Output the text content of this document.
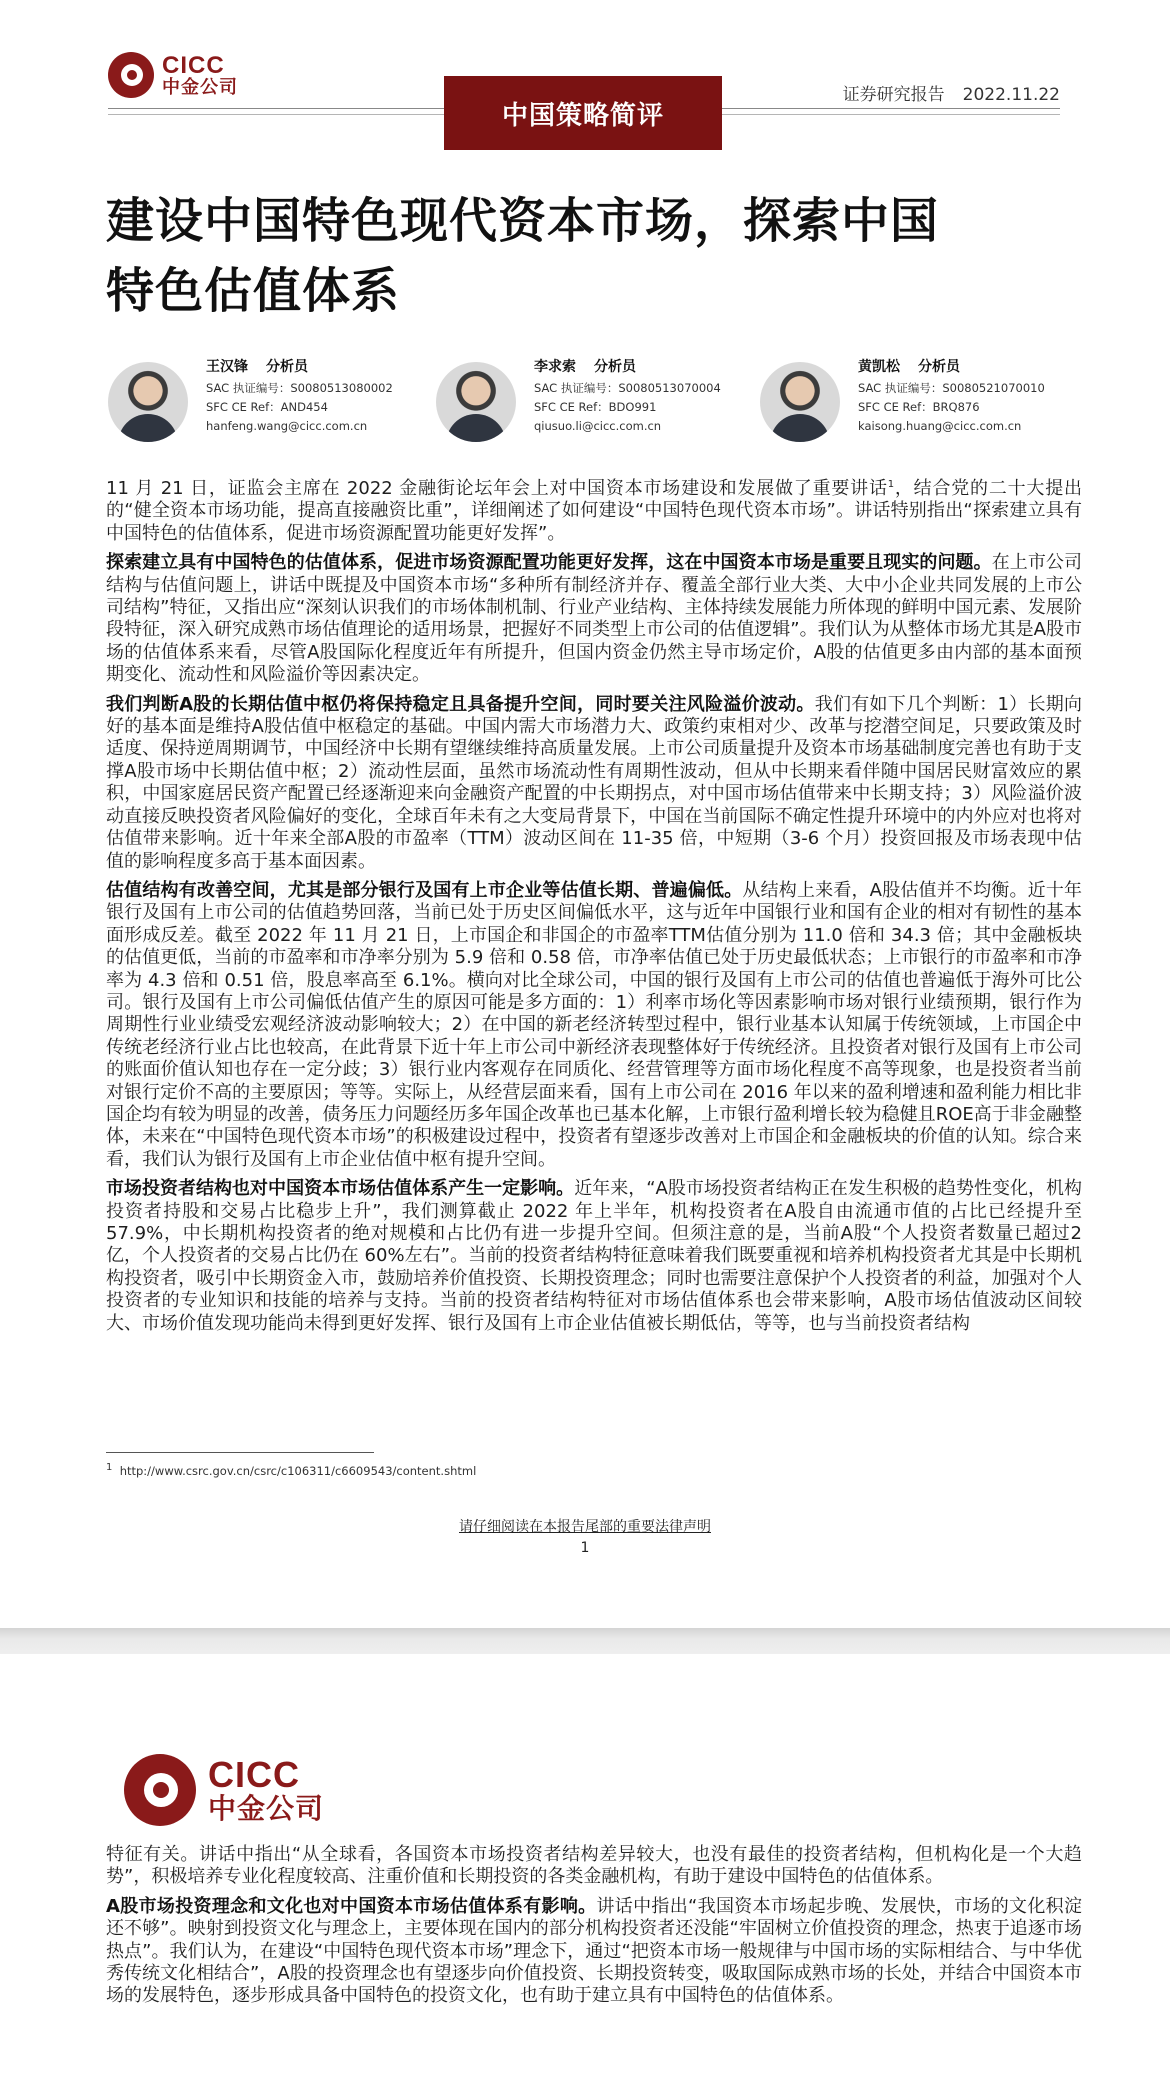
CICC
中金公司
中国策略简评
证券研究报告 2022.11.22
建设中国特色现代资本市场，探索中国
特色估值体系
王汉锋 分析员
SAC 执证编号：S0080513080002
SFC CE Ref：AND454
hanfeng.wang@cicc.com.cn
李求索 分析员
SAC 执证编号：S0080513070004
SFC CE Ref：BDO991
qiusuo.li@cicc.com.cn
黄凯松 分析员
SAC 执证编号：S0080521070010
SFC CE Ref：BRQ876
kaisong.huang@cicc.com.cn

11 月 21 日，证监会主席在 2022 金融街论坛年会上对中国资本市场建设和发展做了重要讲话$^1$，结合党的二十大提出的“健全资本市场功能，提高直接融资比重”，详细阐述了如何建设“中国特色现代资本市场”。讲话特别指出“探索建立具有中国特色的估值体系，促进市场资源配置功能更好发挥”。

探索建立具有中国特色的估值体系，促进市场资源配置功能更好发挥，这在中国资本市场是重要且现实的问题。在上市公司结构与估值问题上，讲话中既提及中国资本市场“多种所有制经济并存、覆盖全部行业大类、大中小企业共同发展的上市公司结构”特征，又指出应“深刻认识我们的市场体制机制、行业产业结构、主体持续发展能力所体现的鲜明中国元素、发展阶段特征，深入研究成熟市场估值理论的适用场景，把握好不同类型上市公司的估值逻辑”。我们认为从整体市场尤其是A股市场的估值体系来看，尽管A股国际化程度近年有所提升，但国内资金仍然主导市场定价，A股的估值更多由内部的基本面预期变化、流动性和风险溢价等因素决定。

我们判断A股的长期估值中枢仍将保持稳定且具备提升空间，同时要关注风险溢价波动。我们有如下几个判断：1）长期向好的基本面是维持A股估值中枢稳定的基础。中国内需大市场潜力大、政策约束相对少、改革与挖潜空间足，只要政策及时适度、保持逆周期调节，中国经济中长期有望继续维持高质量发展。上市公司质量提升及资本市场基础制度完善也有助于支撑A股市场中长期估值中枢；2）流动性层面，虽然市场流动性有周期性波动，但从中长期来看伴随中国居民财富效应的累积，中国家庭居民资产配置已经逐渐迎来向金融资产配置的中长期拐点，对中国市场估值带来中长期支持；3）风险溢价波动直接反映投资者风险偏好的变化，全球百年未有之大变局背景下，中国在当前国际不确定性提升环境中的内外应对也将对估值带来影响。近十年来全部A股的市盈率（TTM）波动区间在 11-35 倍，中短期（3-6 个月）投资回报及市场表现中估值的影响程度多高于基本面因素。

估值结构有改善空间，尤其是部分银行及国有上市企业等估值长期、普遍偏低。从结构上来看，A股估值并不均衡。近十年银行及国有上市公司的估值趋势回落，当前已处于历史区间偏低水平，这与近年中国银行业和国有企业的相对有韧性的基本面形成反差。截至 2022 年 11 月 21 日，上市国企和非国企的市盈率TTM估值分别为 11.0 倍和 34.3 倍；其中金融板块的估值更低，当前的市盈率和市净率分别为 5.9 倍和 0.58 倍，市净率估值已处于历史最低状态；上市银行的市盈率和市净率为 4.3 倍和 0.51 倍，股息率高至 6.1%。横向对比全球公司，中国的银行及国有上市公司的估值也普遍低于海外可比公司。银行及国有上市公司偏低估值产生的原因可能是多方面的：1）利率市场化等因素影响市场对银行业绩预期，银行作为周期性行业业绩受宏观经济波动影响较大；2）在中国的新老经济转型过程中，银行业基本认知属于传统领域，上市国企中传统老经济行业占比也较高，在此背景下近十年上市公司中新经济表现整体好于传统经济。且投资者对银行及国有上市公司的账面价值认知也存在一定分歧；3）银行业内客观存在同质化、经营管理等方面市场化程度不高等现象，也是投资者当前对银行定价不高的主要原因；等等。实际上，从经营层面来看，国有上市公司在 2016 年以来的盈利增速和盈利能力相比非国企均有较为明显的改善，债务压力问题经历多年国企改革也已基本化解，上市银行盈利增长较为稳健且ROE高于非金融整体，未来在“中国特色现代资本市场”的积极建设过程中，投资者有望逐步改善对上市国企和金融板块的价值的认知。综合来看，我们认为银行及国有上市企业估值中枢有提升空间。

市场投资者结构也对中国资本市场估值体系产生一定影响。近年来，“A股市场投资者结构正在发生积极的趋势性变化，机构投资者持股和交易占比稳步上升”，我们测算截止 2022 年上半年，机构投资者在A股自由流通市值的占比已经提升至 57.9%，中长期机构投资者的绝对规模和占比仍有进一步提升空间。但须注意的是，当前A股“个人投资者数量已超过2 亿，个人投资者的交易占比仍在 60%左右”。当前的投资者结构特征意味着我们既要重视和培养机构投资者尤其是中长期机构投资者，吸引中长期资金入市，鼓励培养价值投资、长期投资理念；同时也需要注意保护个人投资者的利益，加强对个人投资者的专业知识和技能的培养与支持。当前的投资者结构特征对市场估值体系也会带来影响，A股市场估值波动区间较大、市场价值发现功能尚未得到更好发挥、银行及国有上市企业估值被长期低估，等等，也与当前投资者结构

$^1$ http://www.csrc.gov.cn/csrc/c106311/c6609543/content.shtml
请仔细阅读在本报告尾部的重要法律声明
1
CICC
中金公司

特征有关。讲话中指出“从全球看，各国资本市场投资者结构差异较大，也没有最佳的投资者结构，但机构化是一个大趋势”，积极培养专业化程度较高、注重价值和长期投资的各类金融机构，有助于建设中国特色的估值体系。

A股市场投资理念和文化也对中国资本市场估值体系有影响。讲话中指出“我国资本市场起步晚、发展快，市场的文化积淀还不够”。映射到投资文化与理念上，主要体现在国内的部分机构投资者还没能“牢固树立价值投资的理念，热衷于追逐市场热点”。我们认为，在建设“中国特色现代资本市场”理念下，通过“把资本市场一般规律与中国市场的实际相结合、与中华优秀传统文化相结合”，A股的投资理念也有望逐步向价值投资、长期投资转变，吸取国际成熟市场的长处，并结合中国资本市场的发展特色，逐步形成具备中国特色的投资文化，也有助于建立具有中国特色的估值体系。
